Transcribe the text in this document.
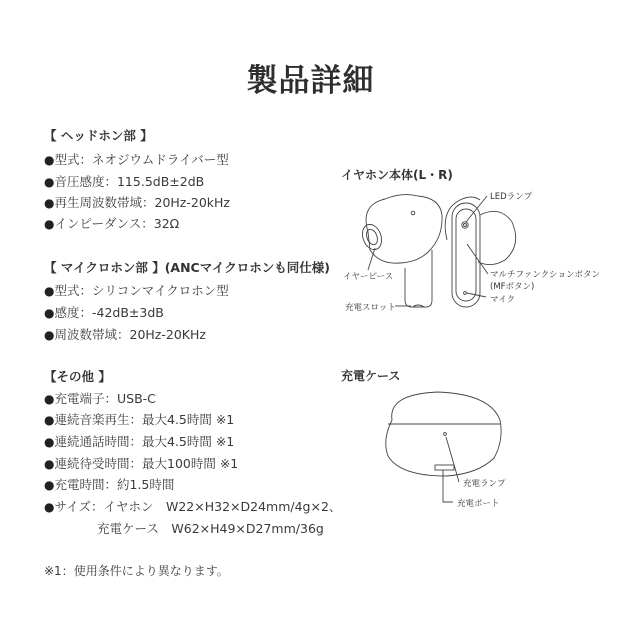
製品詳細
【 ヘッドホン部 】
●型式：ネオジウムドライバー型
●音圧感度：115.5dB±2dB
●再生周波数帯域：20Hz-20kHz
●インピーダンス：32Ω
【 マイクロホン部 】(ANCマイクロホンも同仕様)
●型式：シリコンマイクロホン型
●感度：-42dB±3dB
●周波数帯域：20Hz-20KHz
【その他 】
●充電端子：USB-C
●連続音楽再生：最大4.5時間 ※1
●連続通話時間：最大4.5時間 ※1
●連続待受時間：最大100時間 ※1
●充電時間：約1.5時間
●サイズ：イヤホン　W22×H32×D24mm/4g×2、
充電ケース　W62×H49×D27mm/36g
※1：使用条件により異なります。
イヤホン本体(L・R)
充電ケース
LEDランプ
マルチファンクションボタン
(MFボタン)
マイク
イヤーピース
充電スロット
充電ランプ
充電ポート
